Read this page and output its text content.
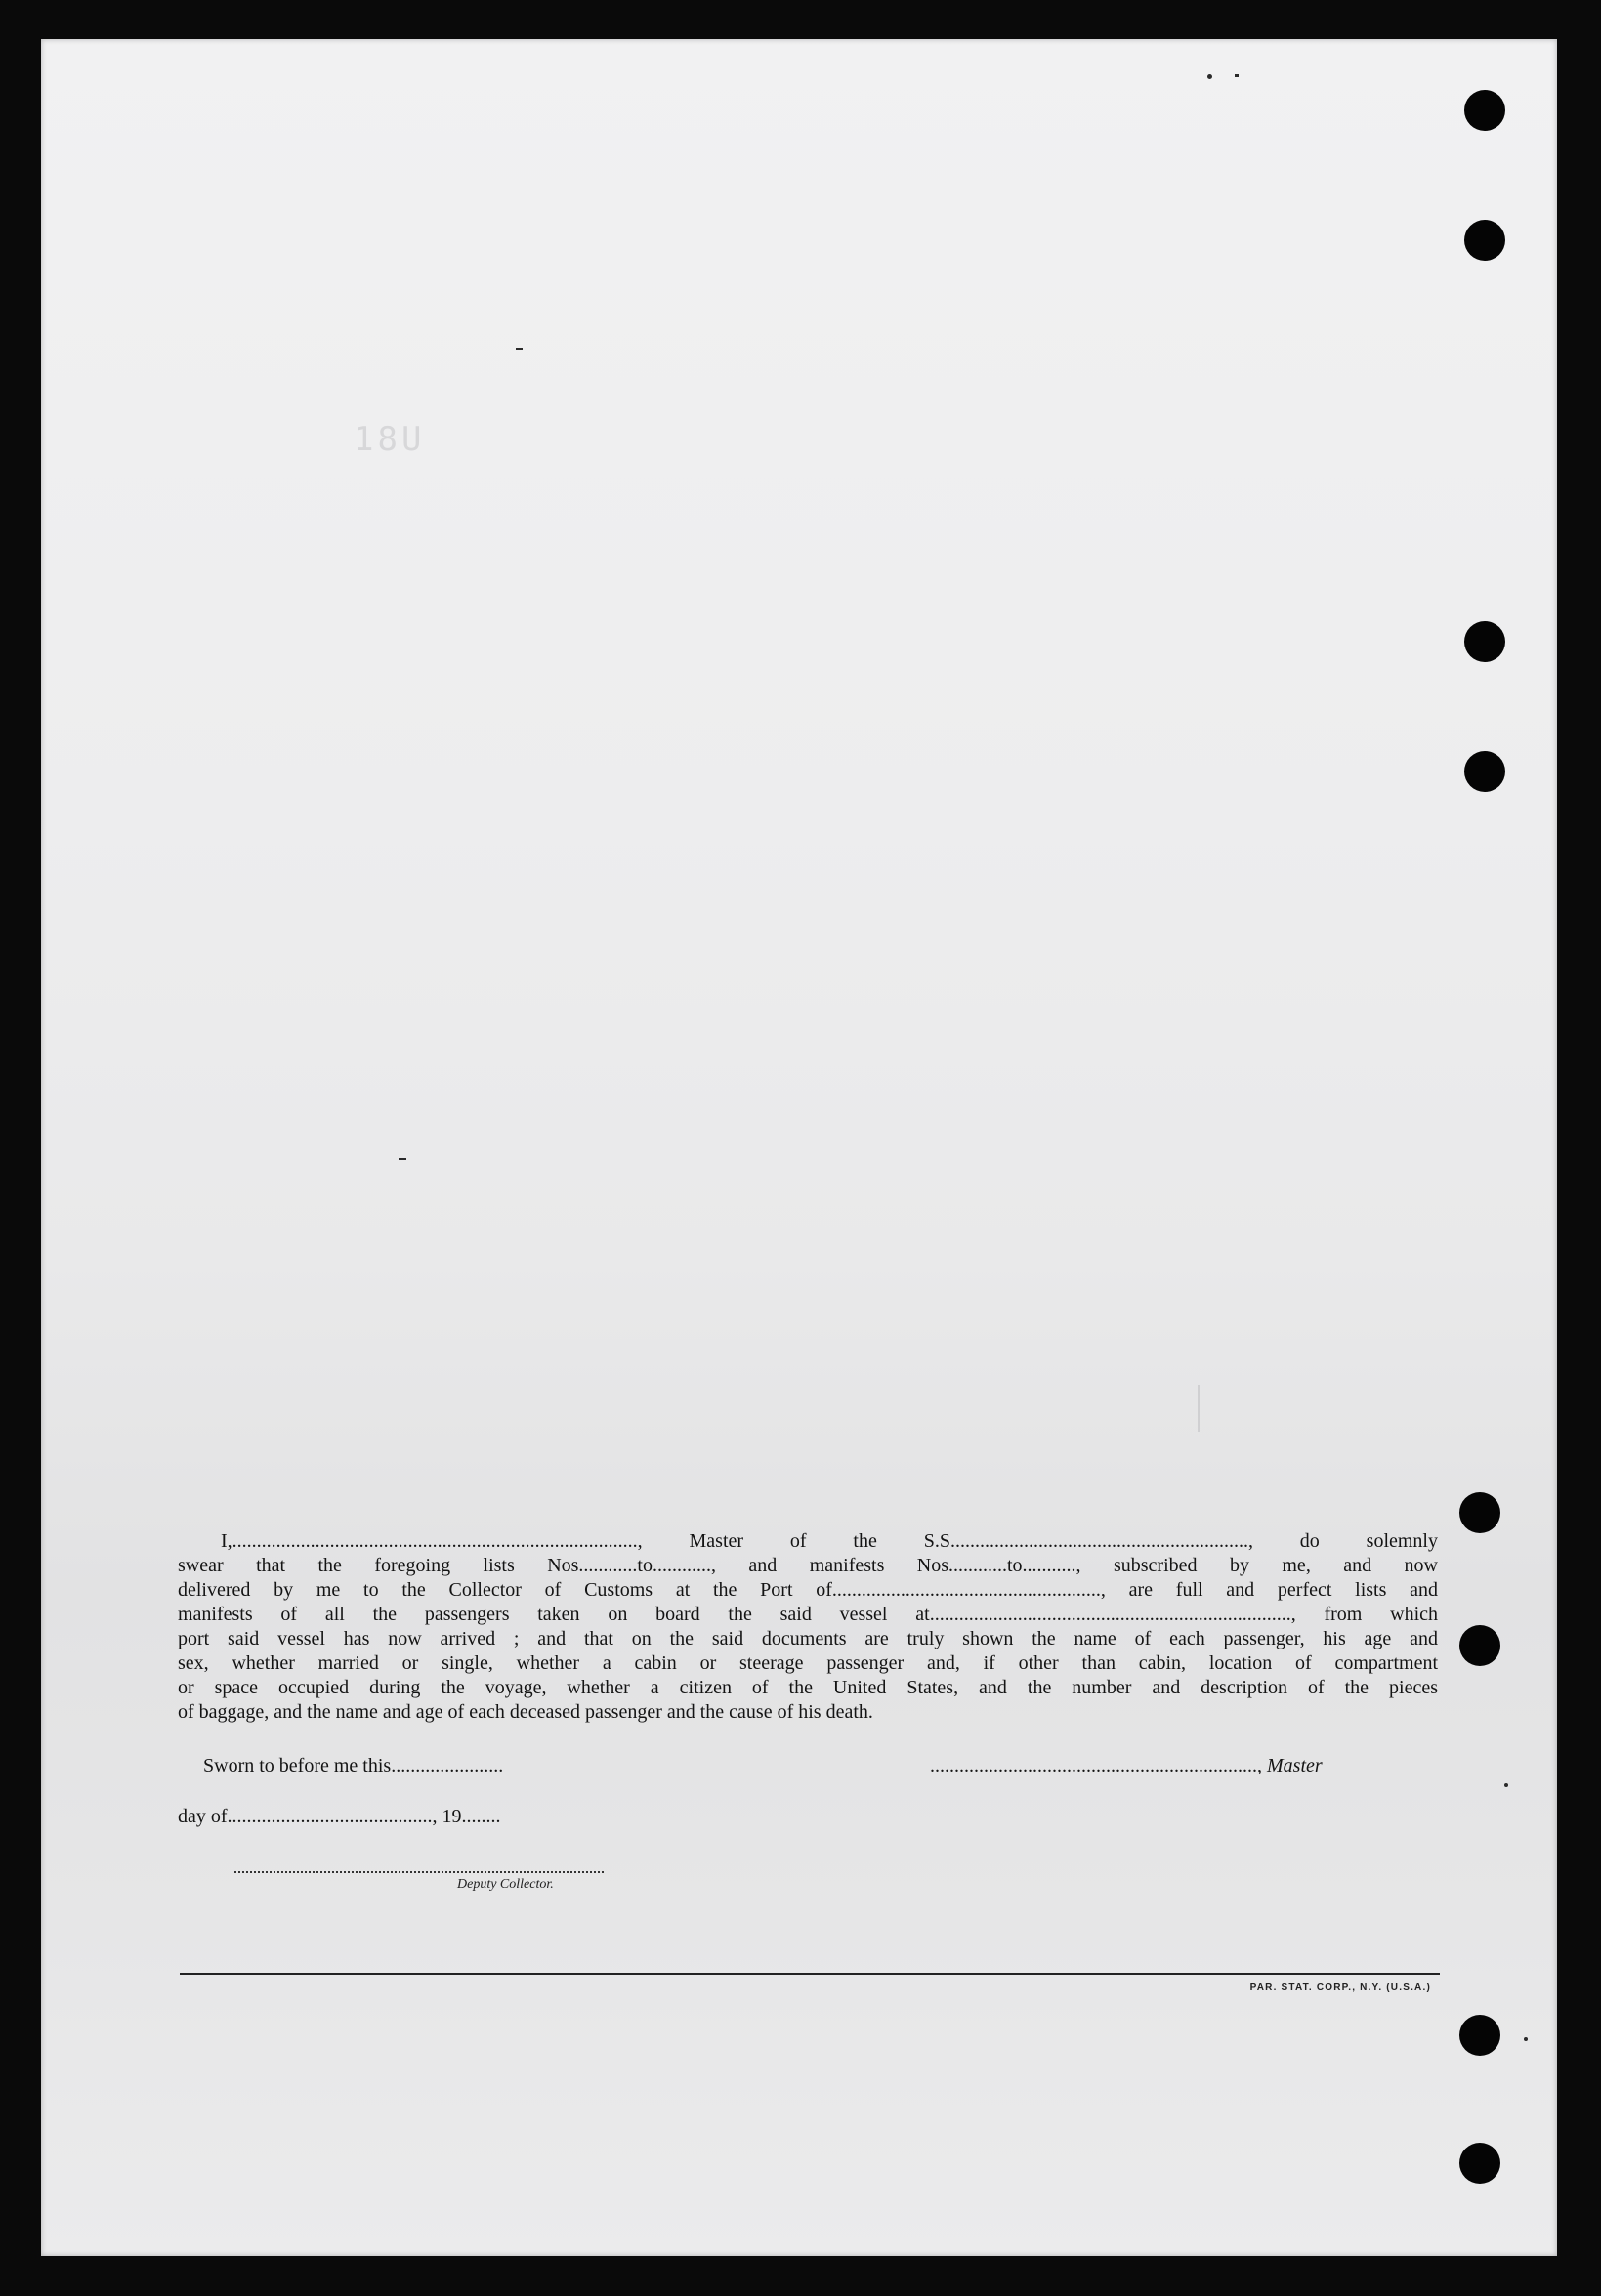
18U
I,..................................................................................., Master of the S.S............................................................., do solemnly
swear that the foregoing lists Nos............to............, and manifests Nos............to..........., subscribed by me, and now
delivered by me to the Collector of Customs at the Port of......................................................., are full and perfect lists and
manifests of all the passengers taken on board the said vessel at.........................................................................., from which
port said vessel has now arrived ; and that on the said documents are truly shown the name of each passenger, his age and
sex, whether married or single, whether a cabin or steerage passenger and, if other than cabin, location of compartment
or space occupied during the voyage, whether a citizen of the United States, and the number and description of the pieces
of baggage, and the name and age of each deceased passenger and the cause of his death.
Sworn to before me this.......................	..................................................................., Master
day of.........................................., 19........
Deputy Collector.
PAR. STAT. CORP., N.Y. (U.S.A.)
